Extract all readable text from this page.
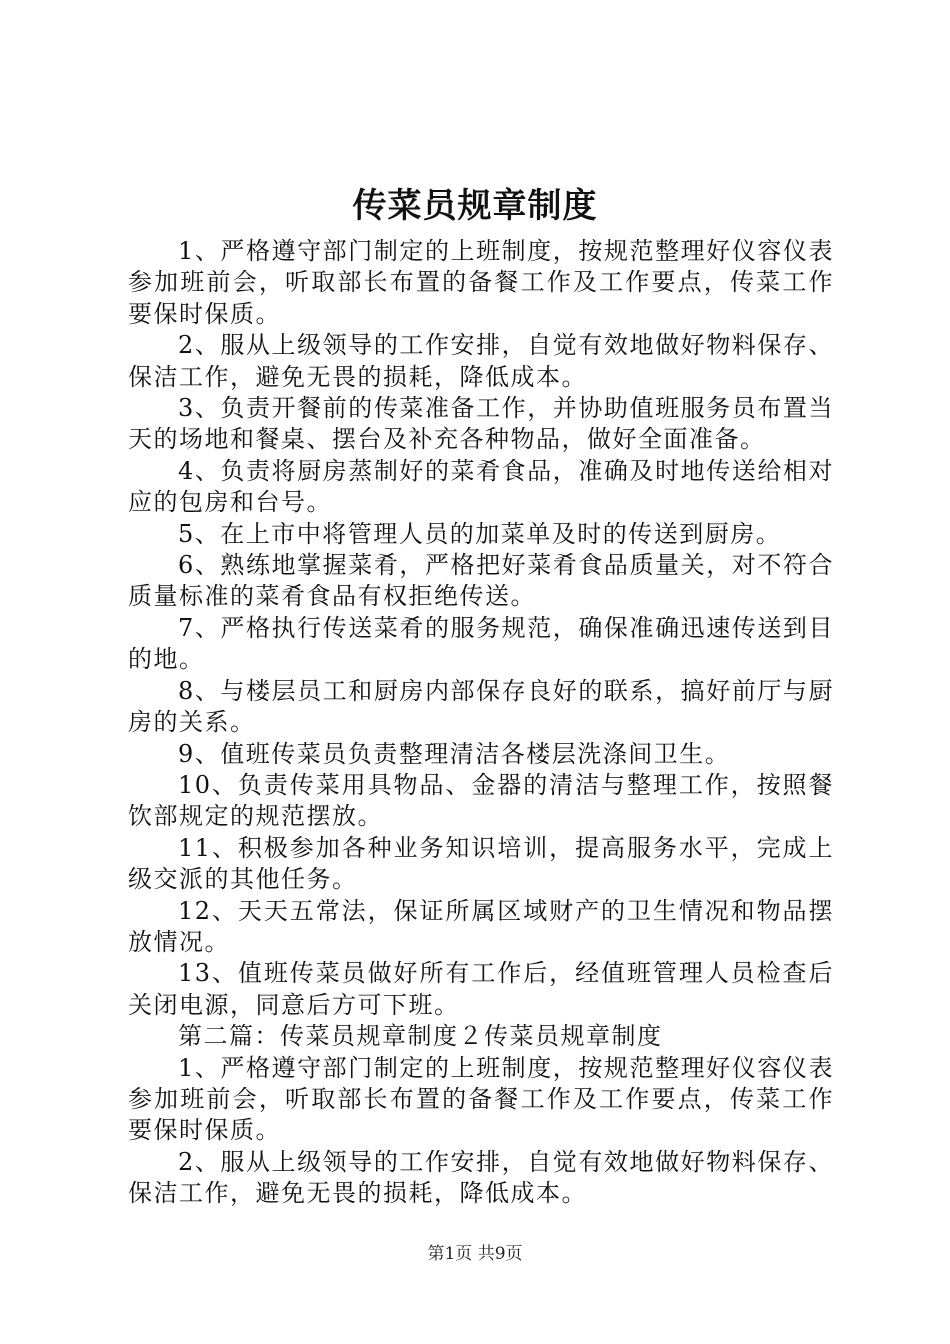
传菜员规章制度

1、严格遵守部门制定的上班制度，按规范整理好仪容仪表参加班前会，听取部长布置的备餐工作及工作要点，传菜工作要保时保质。

2、服从上级领导的工作安排，自觉有效地做好物料保存、保洁工作，避免无畏的损耗，降低成本。

3、负责开餐前的传菜准备工作，并协助值班服务员布置当天的场地和餐桌、摆台及补充各种物品，做好全面准备。

4、负责将厨房蒸制好的菜肴食品，准确及时地传送给相对应的包房和台号。

5、在上市中将管理人员的加菜单及时的传送到厨房。

6、熟练地掌握菜肴，严格把好菜肴食品质量关，对不符合质量标准的菜肴食品有权拒绝传送。

7、严格执行传送菜肴的服务规范，确保准确迅速传送到目的地。

8、与楼层员工和厨房内部保存良好的联系，搞好前厅与厨房的关系。

9、值班传菜员负责整理清洁各楼层洗涤间卫生。

10、负责传菜用具物品、金器的清洁与整理工作，按照餐饮部规定的规范摆放。

11、积极参加各种业务知识培训，提高服务水平，完成上级交派的其他任务。

12、天天五常法，保证所属区域财产的卫生情况和物品摆放情况。

13、值班传菜员做好所有工作后，经值班管理人员检查后关闭电源，同意后方可下班。

第二篇：传菜员规章制度２传菜员规章制度

1、严格遵守部门制定的上班制度，按规范整理好仪容仪表参加班前会，听取部长布置的备餐工作及工作要点，传菜工作要保时保质。

2、服从上级领导的工作安排，自觉有效地做好物料保存、保洁工作，避免无畏的损耗，降低成本。

第1页 共9页
